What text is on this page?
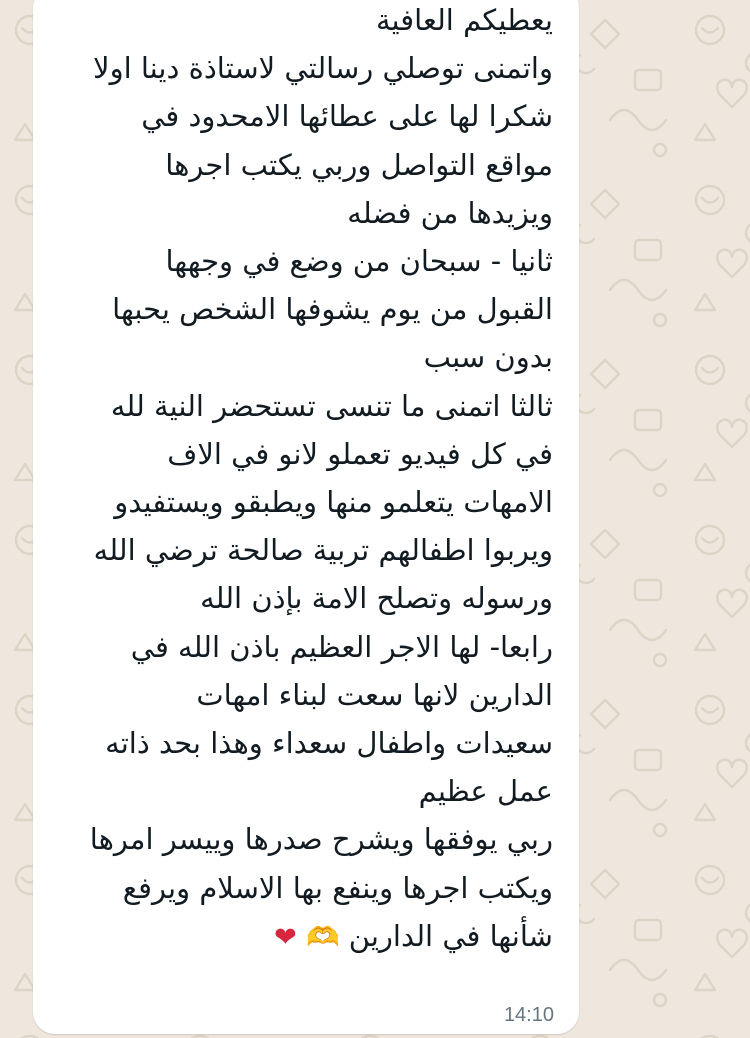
يعطيكم العافية
واتمنى توصلي رسالتي لاستاذة دينا اولا
شكرا لها على عطائها الامحدود في
مواقع التواصل وربي يكتب اجرها
ويزيدها من فضله
ثانيا - سبحان من وضع في وجهها
القبول من يوم يشوفها الشخص يحبها
بدون سبب
ثالثا اتمنى ما تنسى تستحضر النية لله
في كل فيديو تعملو لانو في الاف
الامهات يتعلمو منها ويطبقو ويستفيدو
ويربوا اطفالهم تربية صالحة ترضي الله
ورسوله وتصلح الامة بإذن الله
رابعا- لها الاجر العظيم باذن الله في
الدارين لانها سعت لبناء امهات
سعيدات واطفال سعداء وهذا بحد ذاته
عمل عظيم
ربي يوفقها ويشرح صدرها وييسر امرها
ويكتب اجرها وينفع بها الاسلام ويرفع
شأنها في الدارين 🫶 ❤
14:10
